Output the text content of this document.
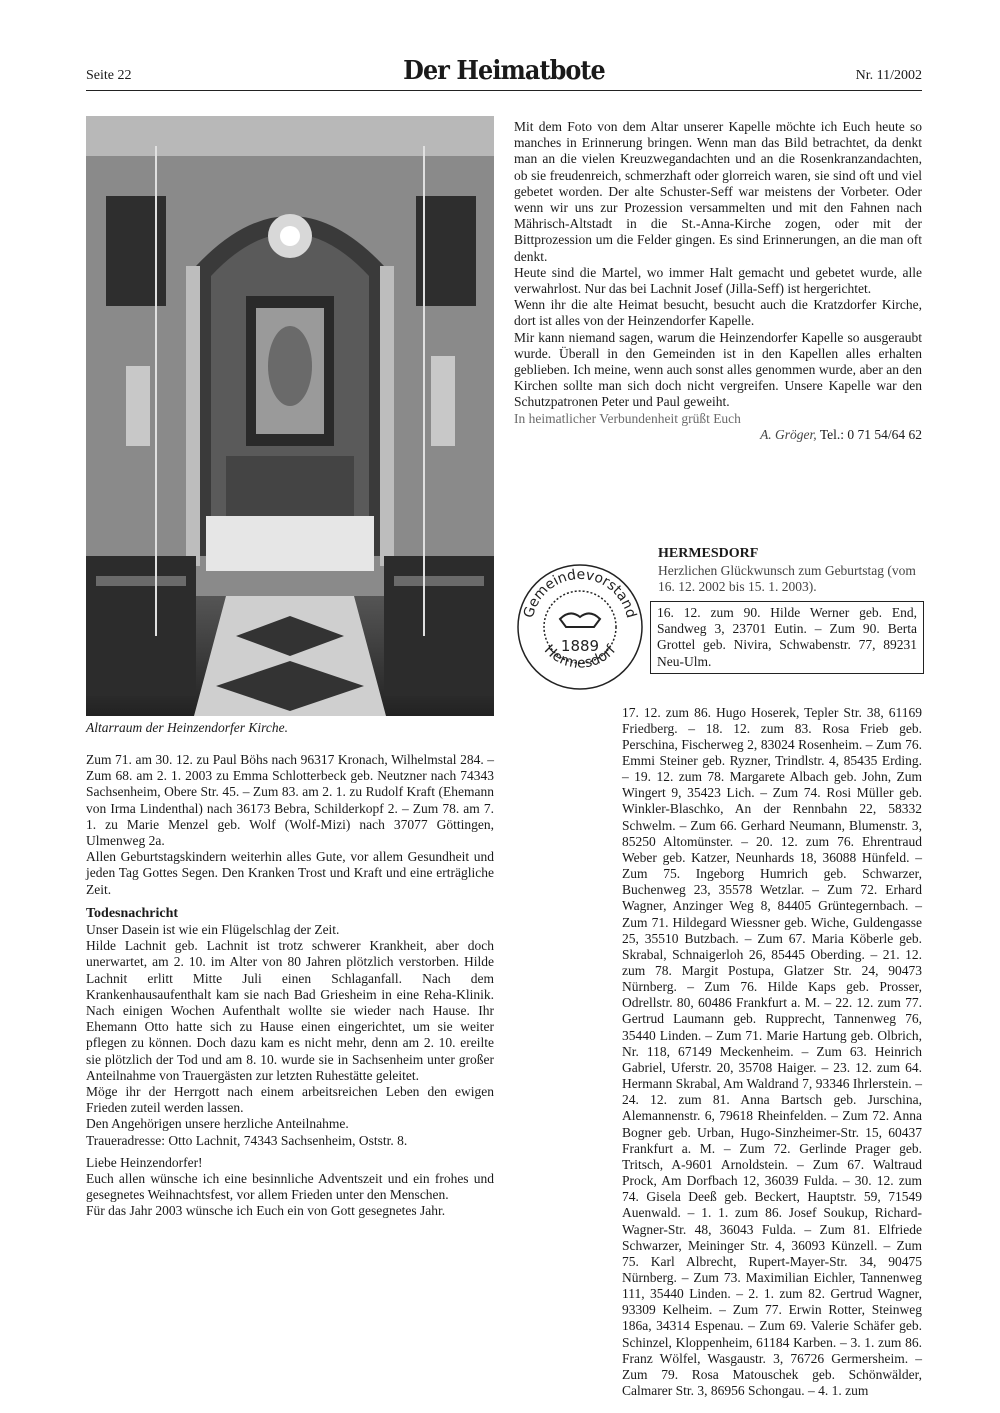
Seite 22	Der Heimatbote	Nr. 11/2002
Altarraum der Heinzendorfer Kirche.

Zum 71. am 30. 12. zu Paul Böhs nach 96317 Kronach, Wilhelmstal 284. – Zum 68. am 2. 1. 2003 zu Emma Schlotterbeck geb. Neutzner nach 74343 Sachsenheim, Obere Str. 45. – Zum 83. am 2. 1. zu Rudolf Kraft (Ehemann von Irma Lindenthal) nach 36173 Bebra, Schilderkopf 2. – Zum 78. am 7. 1. zu Marie Menzel geb. Wolf (Wolf-Mizi) nach 37077 Göttingen, Ulmenweg 2a.

Allen Geburtstagskindern weiterhin alles Gute, vor allem Gesundheit und jeden Tag Gottes Segen. Den Kranken Trost und Kraft und eine erträgliche Zeit.

Todesnachricht

Unser Dasein ist wie ein Flügelschlag der Zeit.

Hilde Lachnit geb. Lachnit ist trotz schwerer Krankheit, aber doch unerwartet, am 2. 10. im Alter von 80 Jahren plötzlich verstorben. Hilde Lachnit erlitt Mitte Juli einen Schlaganfall. Nach dem Krankenhausaufenthalt kam sie nach Bad Griesheim in eine Reha-Klinik. Nach einigen Wochen Aufenthalt wollte sie wieder nach Hause. Ihr Ehemann Otto hatte sich zu Hause einen eingerichtet, um sie weiter pflegen zu können. Doch dazu kam es nicht mehr, denn am 2. 10. ereilte sie plötzlich der Tod und am 8. 10. wurde sie in Sachsenheim unter großer Anteilnahme von Trauergästen zur letzten Ruhestätte geleitet.

Möge ihr der Herrgott nach einem arbeitsreichen Leben den ewigen Frieden zuteil werden lassen.

Den Angehörigen unsere herzliche Anteilnahme.

Traueradresse: Otto Lachnit, 74343 Sachsenheim, Oststr. 8.

Liebe Heinzendorfer!

Euch allen wünsche ich eine besinnliche Adventszeit und ein frohes und gesegnetes Weihnachtsfest, vor allem Frieden unter den Menschen.

Für das Jahr 2003 wünsche ich Euch ein von Gott gesegnetes Jahr.

Mit dem Foto von dem Altar unserer Kapelle möchte ich Euch heute so manches in Erinnerung bringen. Wenn man das Bild betrachtet, da denkt man an die vielen Kreuzwegandachten und an die Rosenkranzandachten, ob sie freudenreich, schmerzhaft oder glorreich waren, sie sind oft und viel gebetet worden. Der alte Schuster-Seff war meistens der Vorbeter. Oder wenn wir uns zur Prozession versammelten und mit den Fahnen nach Mährisch-Altstadt in die St.-Anna-Kirche zogen, oder mit der Bittprozession um die Felder gingen. Es sind Erinnerungen, an die man oft denkt.

Heute sind die Martel, wo immer Halt gemacht und gebetet wurde, alle verwahrlost. Nur das bei Lachnit Josef (Jilla-Seff) ist hergerichtet.

Wenn ihr die alte Heimat besucht, besucht auch die Kratzdorfer Kirche, dort ist alles von der Heinzendorfer Kapelle.

Mir kann niemand sagen, warum die Heinzendorfer Kapelle so ausgeraubt wurde. Überall in den Gemeinden ist in den Kapellen alles erhalten geblieben. Ich meine, wenn auch sonst alles genommen wurde, aber an den Kirchen sollte man sich doch nicht vergreifen. Unsere Kapelle war den Schutzpatronen Peter und Paul geweiht.

In heimatlicher Verbundenheit grüßt Euch

A. Gröger, Tel.: 0 71 54/64 62

Gemeindevorstand
Hermesdorf
1889
HERMESDORF
Herzlichen Glückwunsch zum Geburtstag (vom 16. 12. 2002 bis 15. 1. 2003).
16. 12. zum 90. Hilde Werner geb. End, Sandweg 3, 23701 Eutin. – Zum 90. Berta Grottel geb. Nivira, Schwabenstr. 77, 89231 Neu-Ulm.

17. 12. zum 86. Hugo Hoserek, Tepler Str. 38, 61169 Friedberg. – 18. 12. zum 83. Rosa Frieb geb. Perschina, Fischerweg 2, 83024 Rosenheim. – Zum 76. Emmi Steiner geb. Ryzner, Trindlstr. 4, 85435 Erding. – 19. 12. zum 78. Margarete Albach geb. John, Zum Wingert 9, 35423 Lich. – Zum 74. Rosi Müller geb. Winkler-Blaschko, An der Rennbahn 22, 58332 Schwelm. – Zum 66. Gerhard Neumann, Blumenstr. 3, 85250 Altomünster. – 20. 12. zum 76. Ehrentraud Weber geb. Katzer, Neunhards 18, 36088 Hünfeld. – Zum 75. Ingeborg Humrich geb. Schwarzer, Buchenweg 23, 35578 Wetzlar. – Zum 72. Erhard Wagner, Anzinger Weg 8, 84405 Grüntegernbach. – Zum 71. Hildegard Wiessner geb. Wiche, Guldengasse 25, 35510 Butzbach. – Zum 67. Maria Köberle geb. Skrabal, Schnaigerloh 26, 85445 Oberding. – 21. 12. zum 78. Margit Postupa, Glatzer Str. 24, 90473 Nürnberg. – Zum 76. Hilde Kaps geb. Prosser, Odrellstr. 80, 60486 Frankfurt a. M. – 22. 12. zum 77. Gertrud Laumann geb. Rupprecht, Tannenweg 76, 35440 Linden. – Zum 71. Marie Hartung geb. Olbrich, Nr. 118, 67149 Meckenheim. – Zum 63. Heinrich Gabriel, Uferstr. 20, 35708 Haiger. – 23. 12. zum 64. Hermann Skrabal, Am Waldrand 7, 93346 Ihrlerstein. – 24. 12. zum 81. Anna Bartsch geb. Jurschina, Alemannenstr. 6, 79618 Rheinfelden. – Zum 72. Anna Bogner geb. Urban, Hugo-Sinzheimer-Str. 15, 60437 Frankfurt a. M. – Zum 72. Gerlinde Prager geb. Tritsch, A-9601 Arnoldstein. – Zum 67. Waltraud Prock, Am Dorfbach 12, 36039 Fulda. – 30. 12. zum 74. Gisela Deeß geb. Beckert, Hauptstr. 59, 71549 Auenwald. – 1. 1. zum 86. Josef Soukup, Richard-Wagner-Str. 48, 36043 Fulda. – Zum 81. Elfriede Schwarzer, Meininger Str. 4, 36093 Künzell. – Zum 75. Karl Albrecht, Rupert-Mayer-Str. 34, 90475 Nürnberg. – Zum 73. Maximilian Eichler, Tannenweg 111, 35440 Linden. – 2. 1. zum 82. Gertrud Wagner, 93309 Kelheim. – Zum 77. Erwin Rotter, Steinweg 186a, 34314 Espenau. – Zum 69. Valerie Schäfer geb. Schinzel, Kloppenheim, 61184 Karben. – 3. 1. zum 86. Franz Wölfel, Wasgaustr. 3, 76726 Germersheim. – Zum 79. Rosa Matouschek geb. Schönwälder, Calmarer Str. 3, 86956 Schongau. – 4. 1. zum
